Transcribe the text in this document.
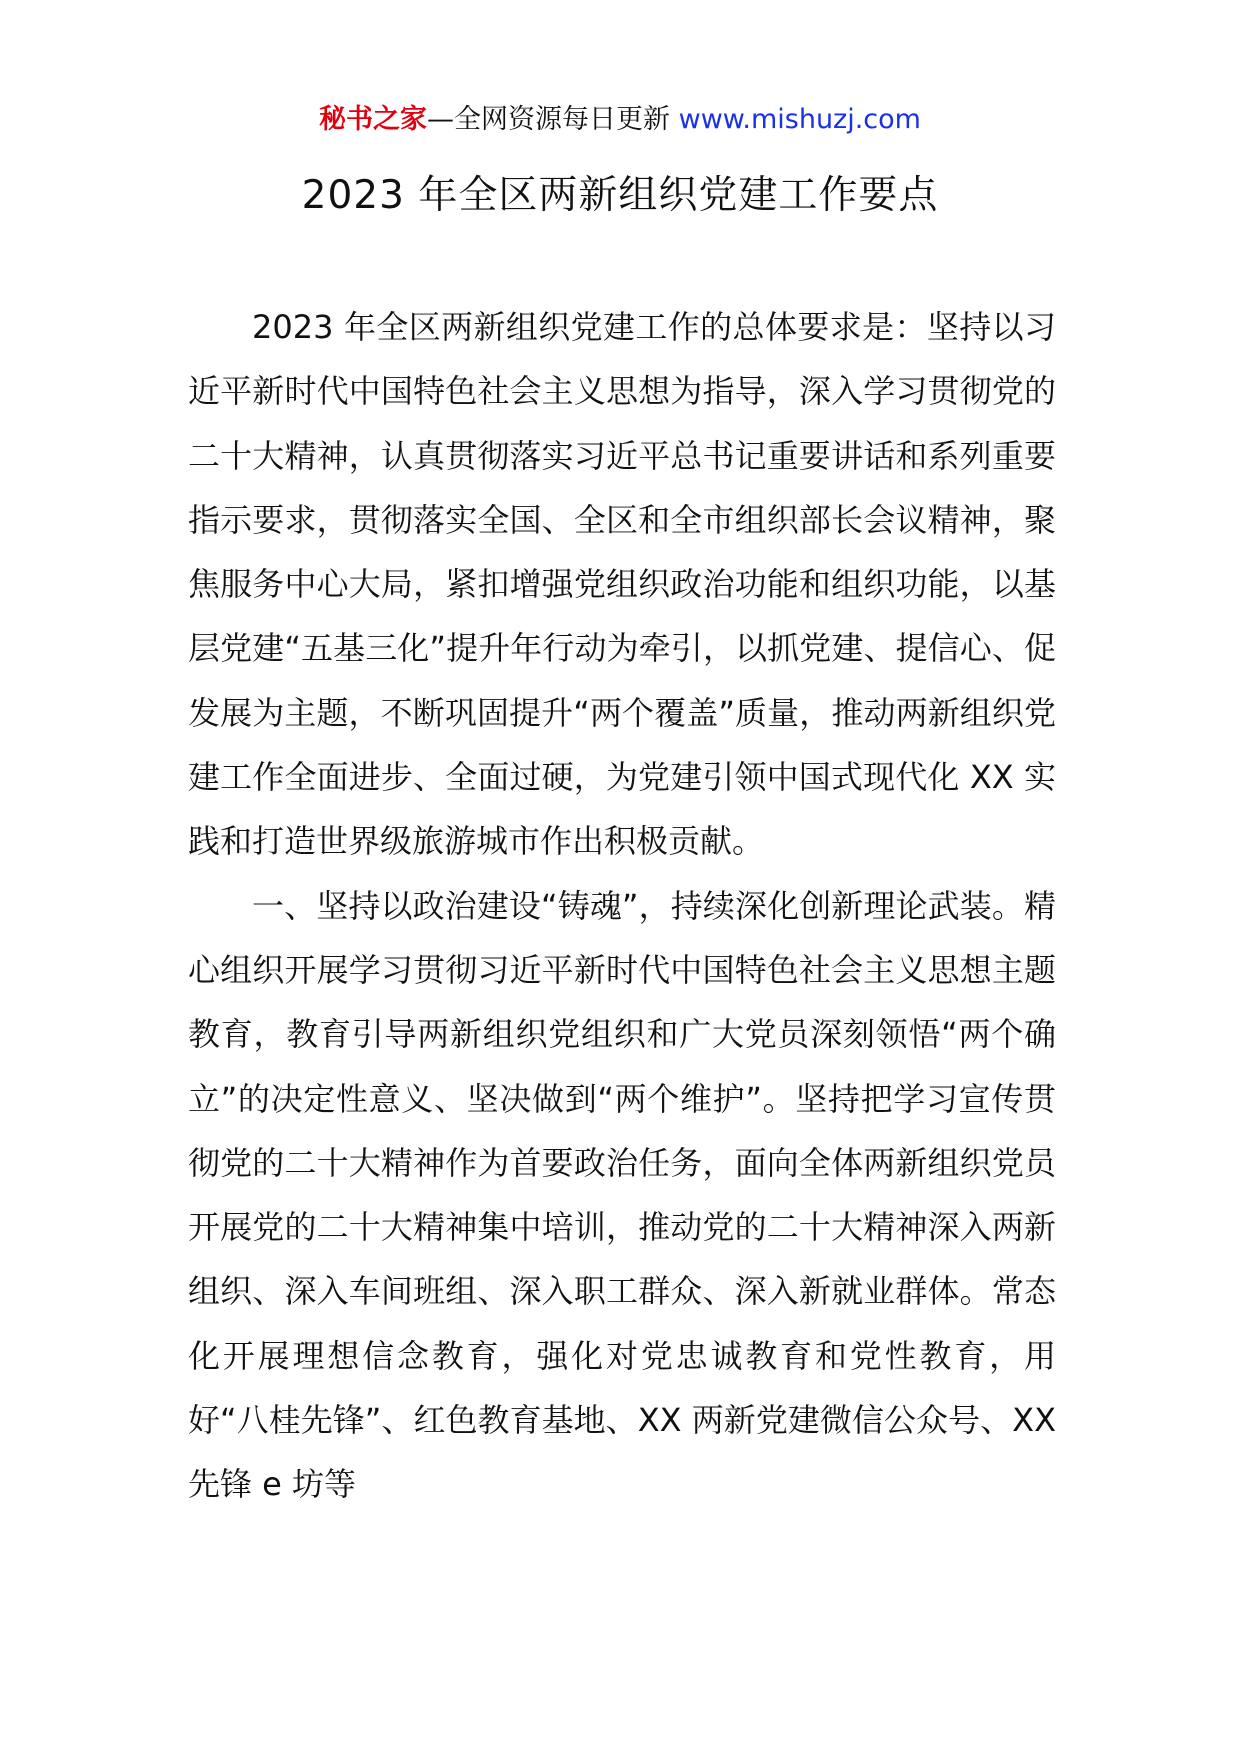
秘书之家—全网资源每日更新 www.mishuzj.com
2023 年全区两新组织党建工作要点

2023 年全区两新组织党建工作的总体要求是：坚持以习近平新时代中国特色社会主义思想为指导，深入学习贯彻党的二十大精神，认真贯彻落实习近平总书记重要讲话和系列重要指示要求，贯彻落实全国、全区和全市组织部长会议精神，聚焦服务中心大局，紧扣增强党组织政治功能和组织功能，以基层党建“五基三化”提升年行动为牵引，以抓党建、提信心、促发展为主题，不断巩固提升“两个覆盖”质量，推动两新组织党建工作全面进步、全面过硬，为党建引领中国式现代化 XX 实践和打造世界级旅游城市作出积极贡献。

一、坚持以政治建设“铸魂”，持续深化创新理论武装。精心组织开展学习贯彻习近平新时代中国特色社会主义思想主题教育，教育引导两新组织党组织和广大党员深刻领悟“两个确立”的决定性意义、坚决做到“两个维护”。坚持把学习宣传贯彻党的二十大精神作为首要政治任务，面向全体两新组织党员开展党的二十大精神集中培训，推动党的二十大精神深入两新组织、深入车间班组、深入职工群众、深入新就业群体。常态化开展理想信念教育，强化对党忠诚教育和党性教育，用好“八桂先锋”、红色教育基地、XX 两新党建微信公众号、XX 先锋 e 坊等
